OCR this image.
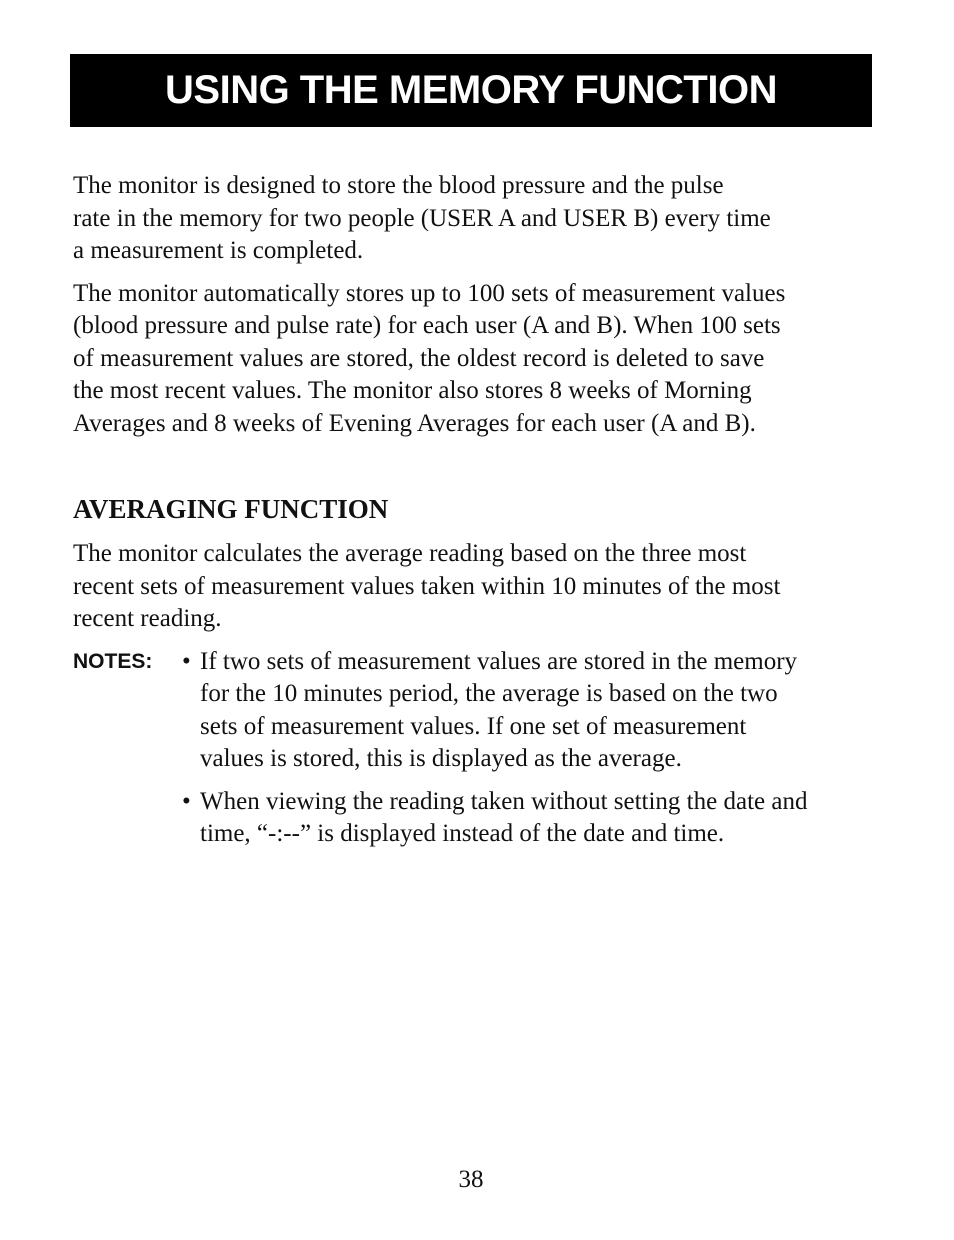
USING THE MEMORY FUNCTION

The monitor is designed to store the blood pressure and the pulse
rate in the memory for two people (USER A and USER B) every time
a measurement is completed.

The monitor automatically stores up to 100 sets of measurement values
(blood pressure and pulse rate) for each user (A and B). When 100 sets
of measurement values are stored, the oldest record is deleted to save
the most recent values. The monitor also stores 8 weeks of Morning
Averages and 8 weeks of Evening Averages for each user (A and B).

AVERAGING FUNCTION

The monitor calculates the average reading based on the three most
recent sets of measurement values taken within 10 minutes of the most
recent reading.

NOTES: • If two sets of measurement values are stored in the memory
for the 10 minutes period, the average is based on the two
sets of measurement values. If one set of measurement
values is stored, this is displayed as the average.
• When viewing the reading taken without setting the date and
time, “-:--” is displayed instead of the date and time.
38
